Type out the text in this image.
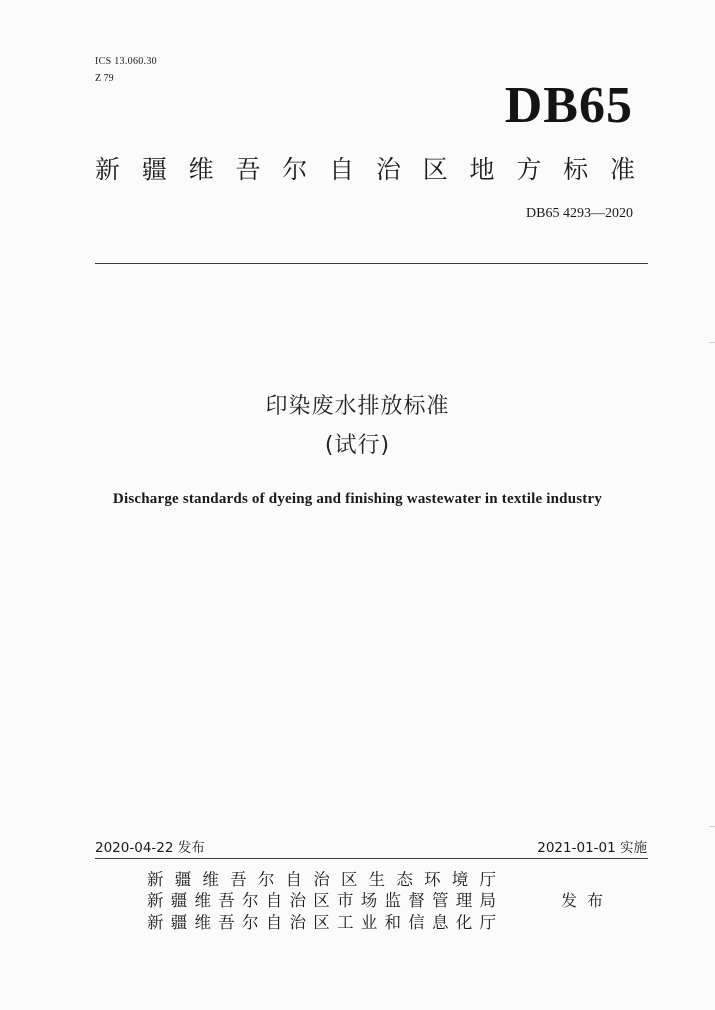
ICS 13.060.30
Z 79	DB65
新疆维吾尔自治区地方标准
DB65 4293—2020
印染废水排放标准
(试行)
Discharge standards of dyeing and finishing wastewater in textile industry
2020-04-22 发布	2021-01-01 实施
新疆维吾尔自治区生态环境厅
新疆维吾尔自治区市场监督管理局
新疆维吾尔自治区工业和信息化厅
发布
